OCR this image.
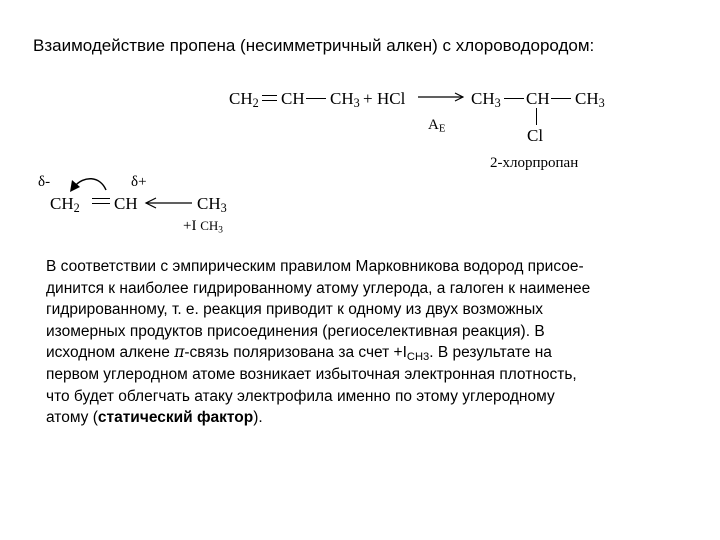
Взаимодействие пропена (несимметричный алкен) с хлороводородом:
$CH_2$ CH $CH_3$ + HCl
$A_E$
$CH_3$ CH $CH_3$
Cl
2-хлорпропан
δ-	δ+
$CH_2$ CH	$CH_3$
+I $CH_3$
В соответствии с эмпирическим правилом Марковникова водород присое-
динится к наиболее гидрированному атому углерода, а галоген к наименее
гидрированному, т. е. реакция приводит к одному из двух возможных
изомерных продуктов присоединения (региоселективная реакция). В
исходном алкене π-связь поляризована за счет $+I_{CH3}$. В результате на
первом углеродном атоме возникает избыточная электронная плотность,
что будет облегчать атаку электрофила именно по этому углеродному
атому (статический фактор).
